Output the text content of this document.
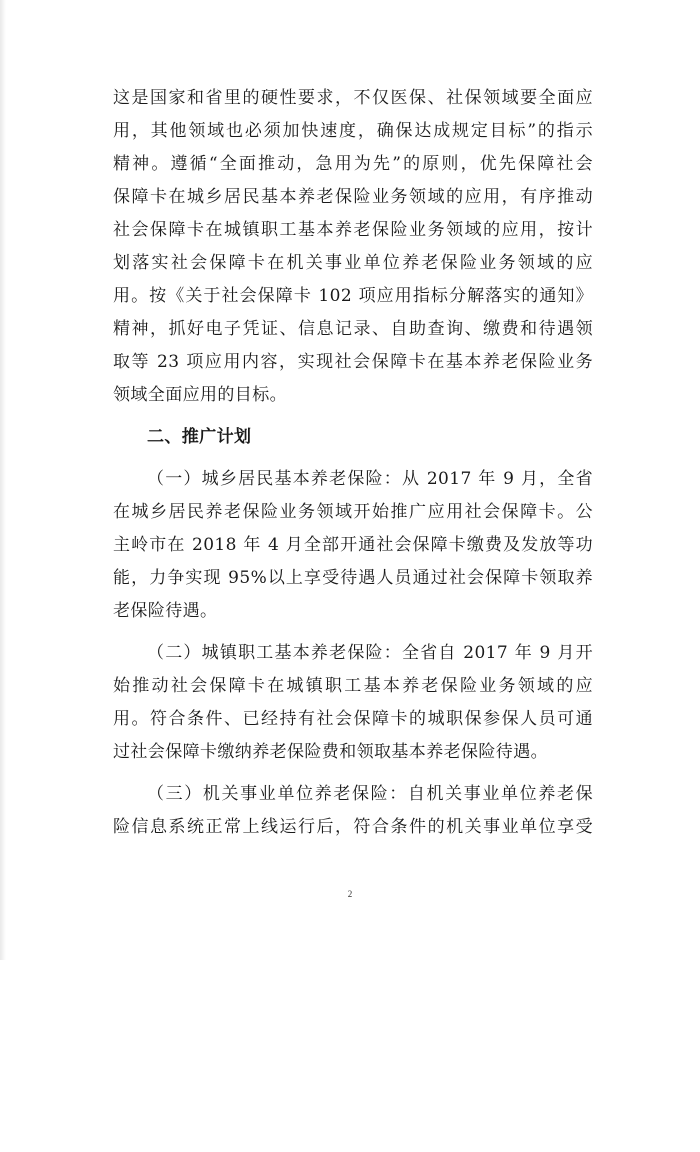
这是国家和省里的硬性要求，不仅医保、社保领域要全面应
用，其他领域也必须加快速度，确保达成规定目标”的指示
精神。遵循“全面推动，急用为先”的原则，优先保障社会
保障卡在城乡居民基本养老保险业务领域的应用，有序推动
社会保障卡在城镇职工基本养老保险业务领域的应用，按计
划落实社会保障卡在机关事业单位养老保险业务领域的应
用。按《关于社会保障卡 102 项应用指标分解落实的通知》
精神，抓好电子凭证、信息记录、自助查询、缴费和待遇领
取等 23 项应用内容，实现社会保障卡在基本养老保险业务
领域全面应用的目标。
二、推广计划
（一）城乡居民基本养老保险：从 2017 年 9 月，全省
在城乡居民养老保险业务领域开始推广应用社会保障卡。公
主岭市在 2018 年 4 月全部开通社会保障卡缴费及发放等功
能，力争实现 95%以上享受待遇人员通过社会保障卡领取养
老保险待遇。
（二）城镇职工基本养老保险：全省自 2017 年 9 月开
始推动社会保障卡在城镇职工基本养老保险业务领域的应
用。符合条件、已经持有社会保障卡的城职保参保人员可通
过社会保障卡缴纳养老保险费和领取基本养老保险待遇。
（三）机关事业单位养老保险：自机关事业单位养老保
险信息系统正常上线运行后，符合条件的机关事业单位享受
2
